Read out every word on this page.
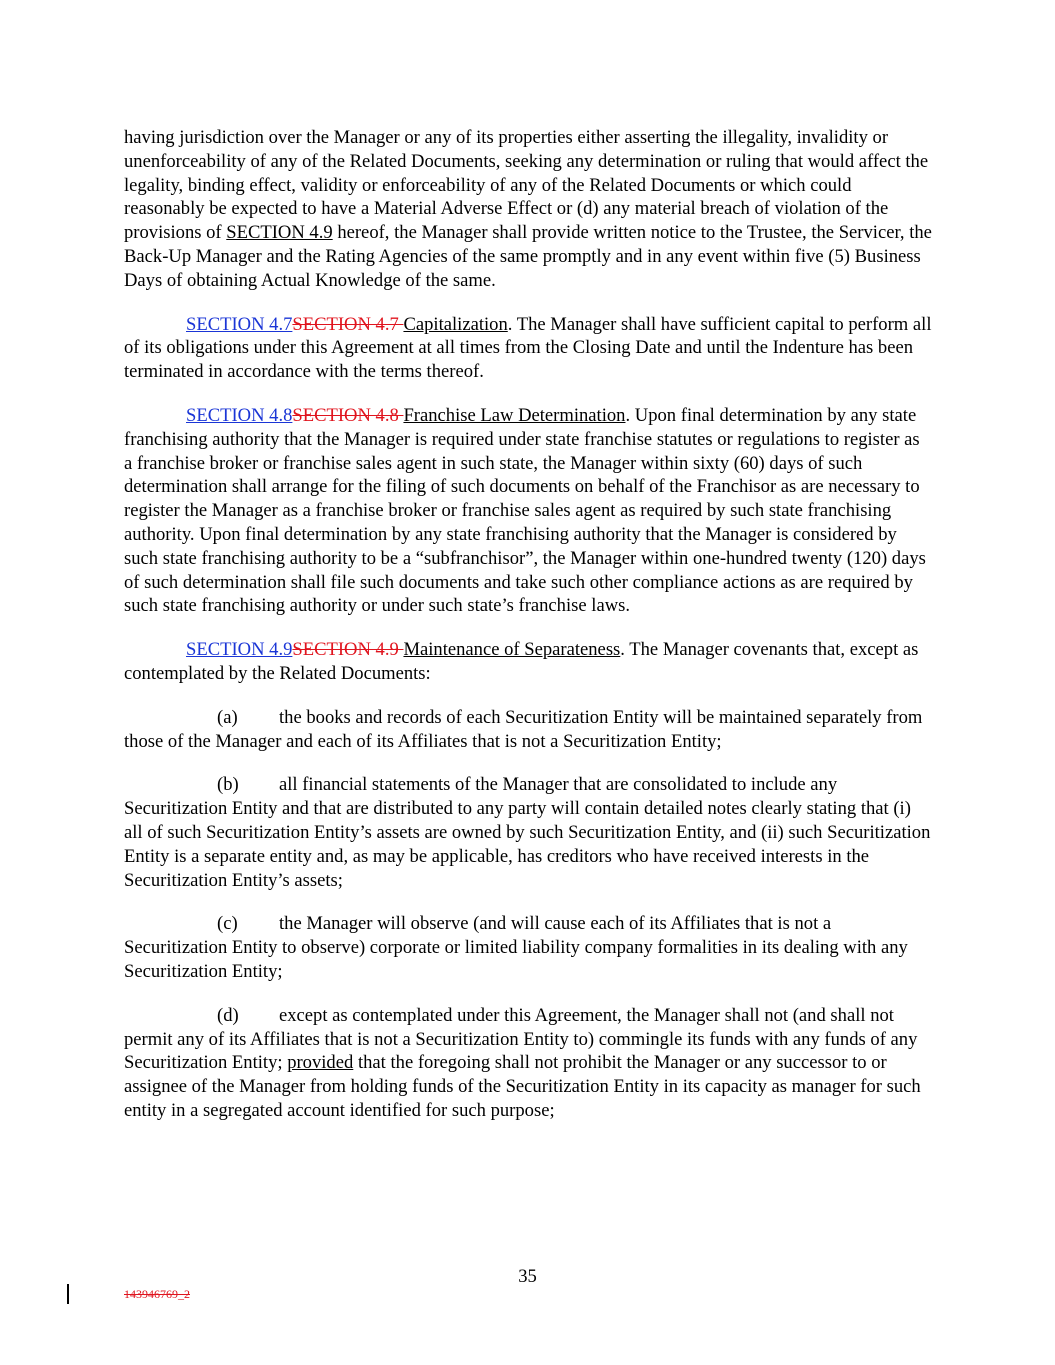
having jurisdiction over the Manager or any of its properties either asserting the illegality, invalidity or unenforceability of any of the Related Documents, seeking any determination or ruling that would affect the legality, binding effect, validity or enforceability of any of the Related Documents or which could reasonably be expected to have a Material Adverse Effect or (d) any material breach of violation of the provisions of SECTION 4.9 hereof, the Manager shall provide written notice to the Trustee, the Servicer, the Back-Up Manager and the Rating Agencies of the same promptly and in any event within five (5) Business Days of obtaining Actual Knowledge of the same.

SECTION 4.7SECTION 4.7 Capitalization. The Manager shall have sufficient capital to perform all of its obligations under this Agreement at all times from the Closing Date and until the Indenture has been terminated in accordance with the terms thereof.

SECTION 4.8SECTION 4.8 Franchise Law Determination. Upon final determination by any state franchising authority that the Manager is required under state franchise statutes or regulations to register as a franchise broker or franchise sales agent in such state, the Manager within sixty (60) days of such determination shall arrange for the filing of such documents on behalf of the Franchisor as are necessary to register the Manager as a franchise broker or franchise sales agent as required by such state franchising authority. Upon final determination by any state franchising authority that the Manager is considered by such state franchising authority to be a “subfranchisor”, the Manager within one-hundred twenty (120) days of such determination shall file such documents and take such other compliance actions as are required by such state franchising authority or under such state’s franchise laws.

SECTION 4.9SECTION 4.9 Maintenance of Separateness. The Manager covenants that, except as contemplated by the Related Documents:

(a) the books and records of each Securitization Entity will be maintained separately from those of the Manager and each of its Affiliates that is not a Securitization Entity;

(b) all financial statements of the Manager that are consolidated to include any Securitization Entity and that are distributed to any party will contain detailed notes clearly stating that (i) all of such Securitization Entity’s assets are owned by such Securitization Entity, and (ii) such Securitization Entity is a separate entity and, as may be applicable, has creditors who have received interests in the Securitization Entity’s assets;

(c) the Manager will observe (and will cause each of its Affiliates that is not a Securitization Entity to observe) corporate or limited liability company formalities in its dealing with any Securitization Entity;

(d) except as contemplated under this Agreement, the Manager shall not (and shall not permit any of its Affiliates that is not a Securitization Entity to) commingle its funds with any funds of any Securitization Entity; provided that the foregoing shall not prohibit the Manager or any successor to or assignee of the Manager from holding funds of the Securitization Entity in its capacity as manager for such entity in a segregated account identified for such purpose;

35
143946769_2
